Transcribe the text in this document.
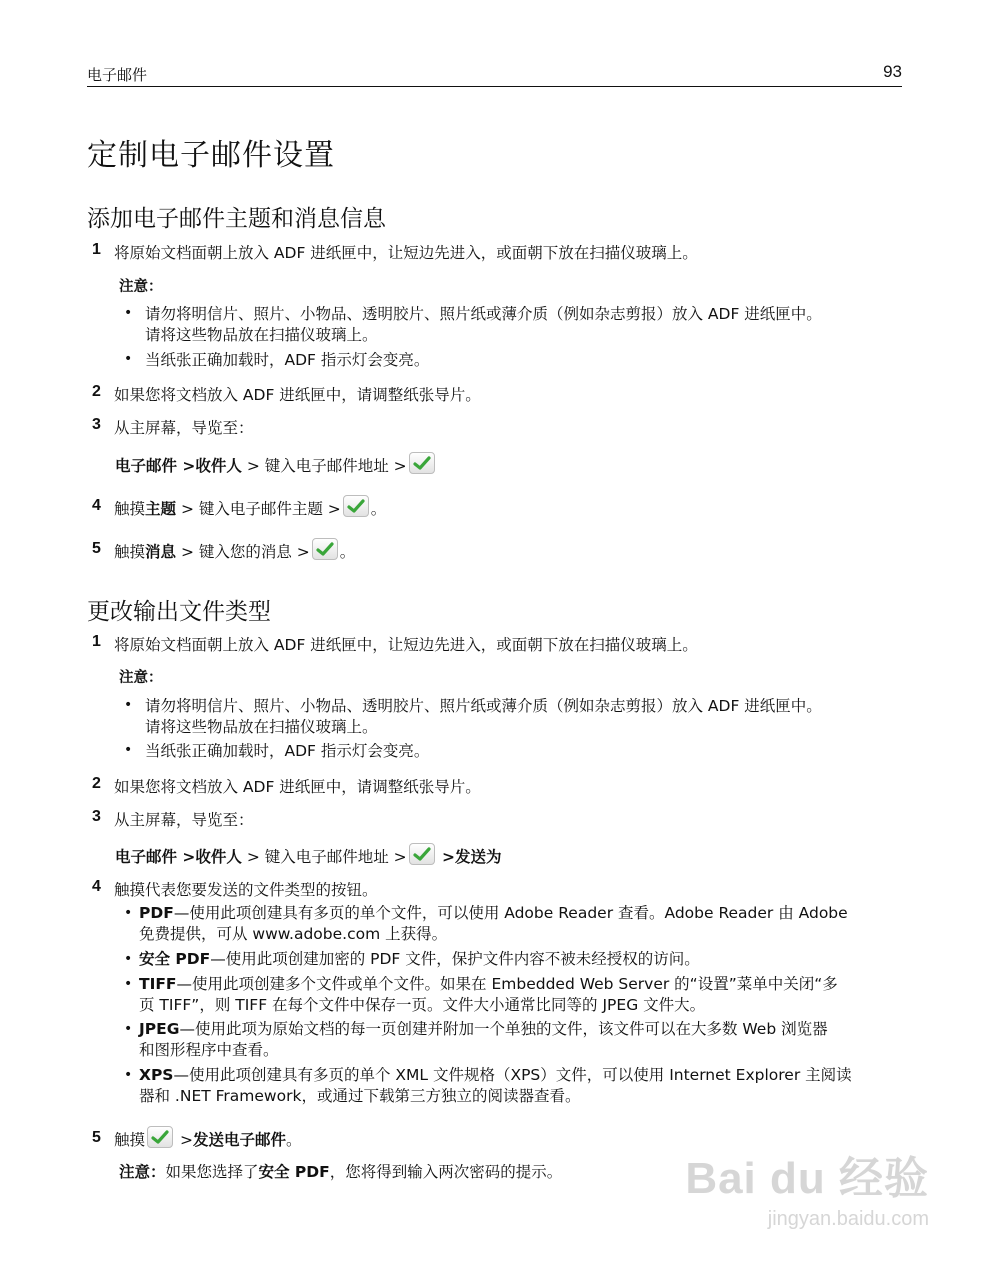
电子邮件	93
定制电子邮件设置
添加电子邮件主题和消息信息
1 将原始文档面朝上放入 ADF 进纸匣中，让短边先进入，或面朝下放在扫描仪玻璃上。
注意：
• 请勿将明信片、照片、小物品、透明胶片、照片纸或薄介质（例如杂志剪报）放入 ADF 进纸匣中。
请将这些物品放在扫描仪玻璃上。
• 当纸张正确加载时，ADF 指示灯会变亮。
2 如果您将文档放入 ADF 进纸匣中，请调整纸张导片。
3 从主屏幕，导览至：
电子邮件 >收件人 > 键入电子邮件地址 >
4 触摸主题 > 键入电子邮件主题 > 。
5 触摸消息 > 键入您的消息 > 。
更改输出文件类型
1 将原始文档面朝上放入 ADF 进纸匣中，让短边先进入，或面朝下放在扫描仪玻璃上。
注意：
• 请勿将明信片、照片、小物品、透明胶片、照片纸或薄介质（例如杂志剪报）放入 ADF 进纸匣中。
请将这些物品放在扫描仪玻璃上。
• 当纸张正确加载时，ADF 指示灯会变亮。
2 如果您将文档放入 ADF 进纸匣中，请调整纸张导片。
3 从主屏幕，导览至：
电子邮件 >收件人 > 键入电子邮件地址 >
>发送为
4 触摸代表您要发送的文件类型的按钮。
• PDF—使用此项创建具有多页的单个文件，可以使用 Adobe Reader 查看。Adobe Reader 由 Adobe
免费提供，可从 www.adobe.com 上获得。
• 安全 PDF—使用此项创建加密的 PDF 文件，保护文件内容不被未经授权的访问。
• TIFF—使用此项创建多个文件或单个文件。如果在 Embedded Web Server 的“设置”菜单中关闭“多
页 TIFF”，则 TIFF 在每个文件中保存一页。文件大小通常比同等的 JPEG 文件大。
• JPEG—使用此项为原始文档的每一页创建并附加一个单独的文件，该文件可以在大多数 Web 浏览器
和图形程序中查看。
• XPS—使用此项创建具有多页的单个 XML 文件规格（XPS）文件，可以使用 Internet Explorer 主阅读
器和 .NET Framework，或通过下载第三方独立的阅读器查看。
5 触摸
>发送电子邮件。
注意：如果您选择了安全 PDF，您将得到输入两次密码的提示。	Bai du 经验
jingyan.baidu.com
